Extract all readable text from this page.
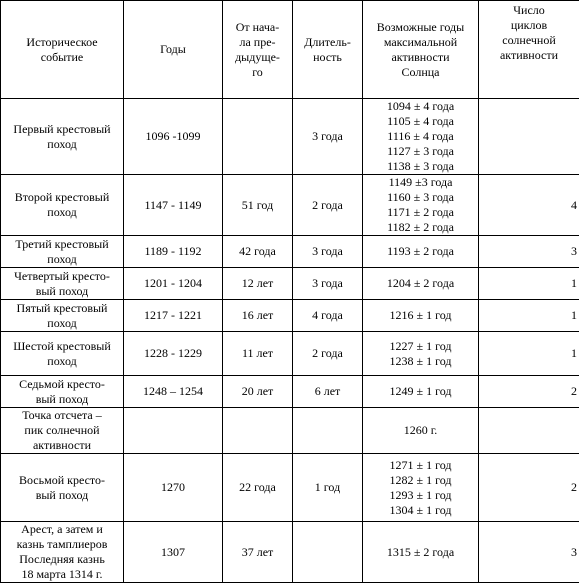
Историческое
событие	Годы	От нача-
ла пре-
дыдуще-
го	Длитель-
ность	Возможные годы
максимальной
активности
Солнца	Число
циклов
солнечной
активности

Первый крестовый
поход	1096 -1099		3 года	1094 ± 4 года
1105 ± 4 года
1116 ± 4 года
1127 ± 3 года
1138 ± 3 года	

Второй крестовый
поход	1147 - 1149	51 год	2 года	1149 ±3 года
1160 ± 3 года
1171 ± 2 года
1182 ± 2 года	4

Третий крестовый
поход	1189 - 1192	42 года	3 года	1193 ± 2 года	3

Четвертый кресто-
вый поход	1201 - 1204	12 лет	3 года	1204 ± 2 года	1

Пятый крестовый
поход	1217 - 1221	16 лет	4 года	1216 ± 1 год	1

Шестой крестовый
поход	1228 - 1229	11 лет	2 года	1227 ± 1 год
1238 ± 1 год	1

Седьмой кресто-
вый поход	1248 – 1254	20 лет	6 лет	1249 ± 1 год	2

Точка отсчета –
пик солнечной
активности				1260 г.	

Восьмой кресто-
вый поход	1270	22 года	1 год	1271 ± 1 год
1282 ± 1 год
1293 ± 1 год
1304 ± 1 год	2

Арест, а затем и
казнь тамплиеров
Последняя казнь
18 марта 1314 г.	1307	37 лет		1315 ± 2 года	3
